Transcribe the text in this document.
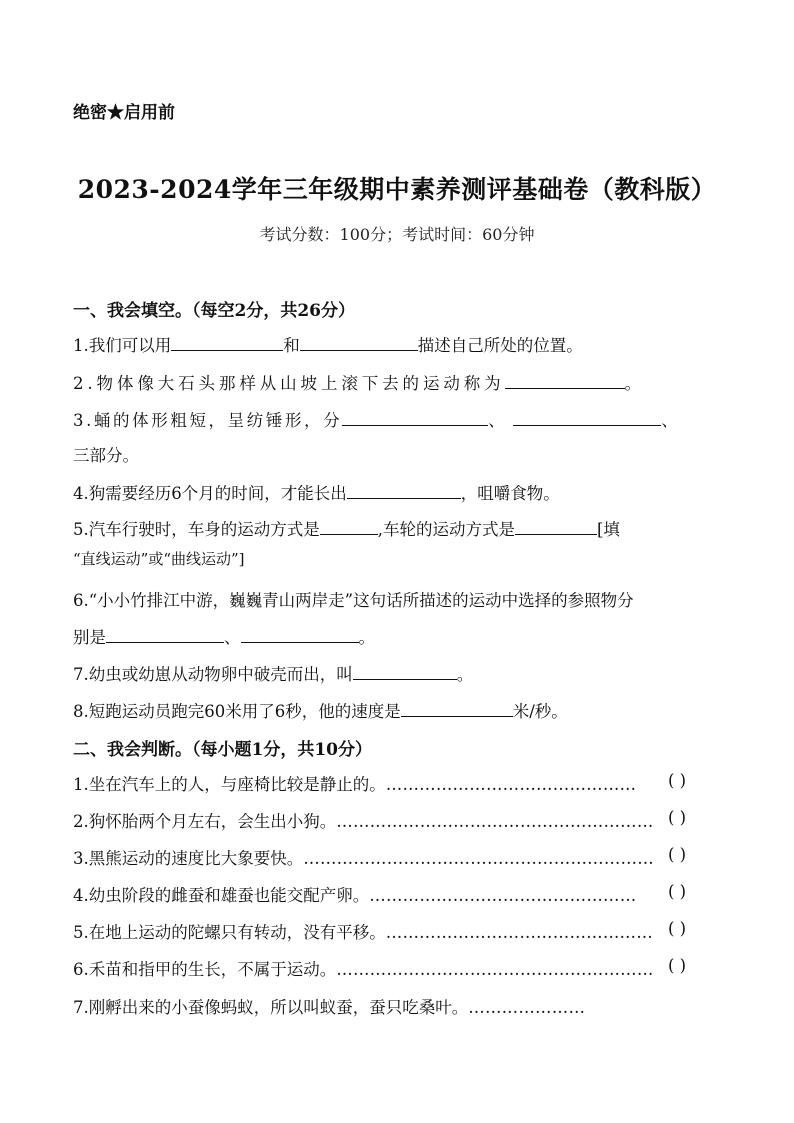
绝密★启用前
2023-2024学年三年级期中素养测评基础卷（教科版）
考试分数：100分；考试时间：60分钟
一、我会填空。（每空2分，共26分）
1.我们可以用	和	描述自己所处的位置。
2.物体像大石头那样从山坡上滚下去的运动称为	。
3.蛹的体形粗短，呈纺锤形，分	、	、
三部分。
4.狗需要经历6个月的时间，才能长出	，咀嚼食物。
5.汽车行驶时，车身的运动方式是	,车轮的运动方式是	[填
“直线运动”或“曲线运动”]
6.“小小竹排江中游，巍巍青山两岸走”这句话所描述的运动中选择的参照物分
别是	、	。
7.幼虫或幼崽从动物卵中破壳而出，叫	。
8.短跑运动员跑完60米用了6秒，他的速度是	米/秒。
二、我会判断。（每小题1分，共10分）
1.坐在汽车上的人，与座椅比较是静止的。……………………………………… ( )
2.狗怀胎两个月左右，会生出小狗。………………………………………………… ( )
3.黑熊运动的速度比大象要快。……………………………………………………… ( )
4.幼虫阶段的雌蚕和雄蚕也能交配产卵。………………………………………… ( )
5.在地上运动的陀螺只有转动，没有平移。………………………………………… ( )
6.禾苗和指甲的生长，不属于运动。………………………………………………… ( )
7.刚孵出来的小蚕像蚂蚁，所以叫蚁蚕，蚕只吃桑叶。…………………
